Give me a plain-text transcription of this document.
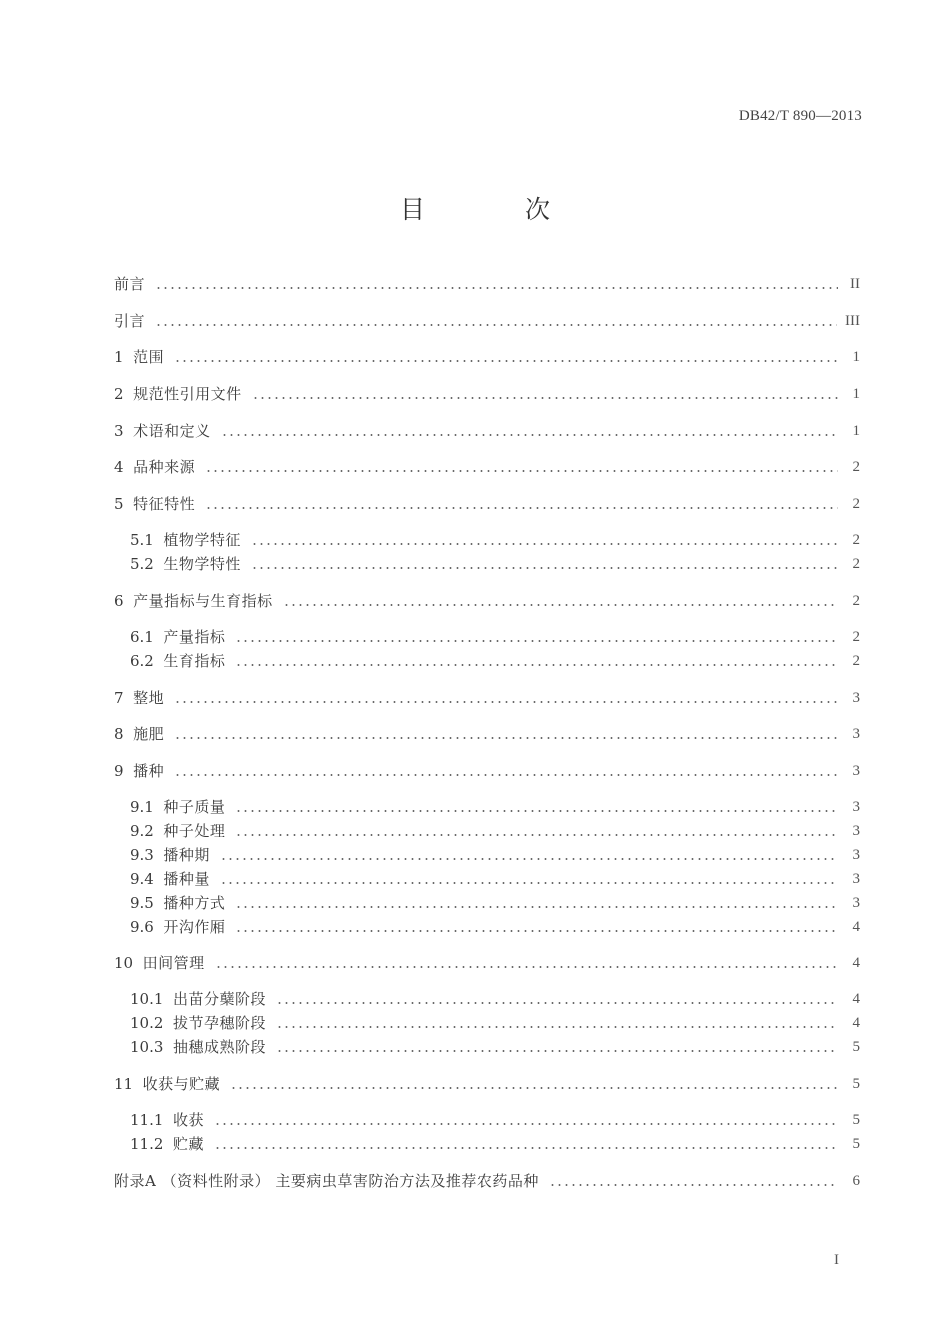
DB42/T 890—2013
目 次
前言	II
引言	III
1 范围	1
2 规范性引用文件	1
3 术语和定义	1
4 品种来源	2
5 特征特性	2
5.1 植物学特征	2
5.2 生物学特性	2
6 产量指标与生育指标	2
6.1 产量指标	2
6.2 生育指标	2
7 整地	3
8 施肥	3
9 播种	3
9.1 种子质量	3
9.2 种子处理	3
9.3 播种期	3
9.4 播种量	3
9.5 播种方式	3
9.6 开沟作厢	4
10 田间管理	4
10.1 出苗分蘖阶段	4
10.2 拔节孕穗阶段	4
10.3 抽穗成熟阶段	5
11 收获与贮藏	5
11.1 收获	5
11.2 贮藏	5
附录A （资料性附录） 主要病虫草害防治方法及推荐农药品种	6
I
